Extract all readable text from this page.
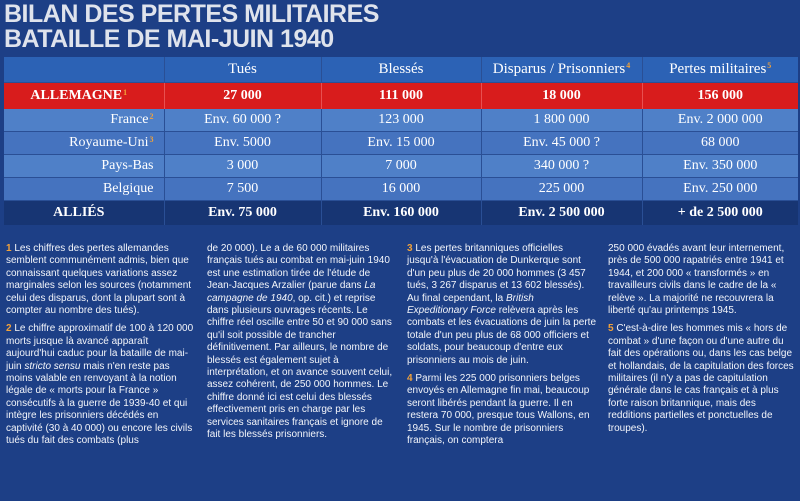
BILAN DES PERTES MILITAIRES
BATAILLE DE MAI-JUIN 1940
	Tués	Blessés	Disparus / Prisonniers$^4$	Pertes militaires$^5$
ALLEMAGNE$^1$	27 000	111 000	18 000	156 000
France$^2$	Env. 60 000 ?	123 000	1 800 000	Env. 2 000 000
Royaume-Uni$^3$	Env. 5000	Env. 15 000	Env. 45 000 ?	68 000
Pays-Bas	3 000	7 000	340 000 ?	Env. 350 000
Belgique	7 500	16 000	225 000	Env. 250 000
ALLIÉS	Env. 75 000	Env. 160 000	Env. 2 500 000	+ de 2 500 000

1 Les chiffres des pertes allemandes semblent communément admis, bien que connaissant quelques variations assez marginales selon les sources (notamment celui des disparus, dont la plupart sont à compter au nombre des tués).

2 Le chiffre approximatif de 100 à 120 000 morts jusque là avancé apparaît aujourd'hui caduc pour la bataille de mai-juin stricto sensu mais n'en reste pas moins valable en renvoyant à la notion légale de « morts pour la France » consécutifs à la guerre de 1939-40 et qui intègre les prisonniers décédés en captivité (30 à 40 000) ou encore les civils tués du fait des combats (plus

de 20 000). Le a de 60 000 militaires français tués au combat en mai-juin 1940 est une estimation tirée de l'étude de Jean-Jacques Arzalier (parue dans La campagne de 1940, op. cit.) et reprise dans plusieurs ouvrages récents. Le chiffre réel oscille entre 50 et 90 000 sans qu'il soit possible de trancher définitivement. Par ailleurs, le nombre de blessés est également sujet à interprétation, et on avance souvent celui, assez cohérent, de 250 000 hommes. Le chiffre donné ici est celui des blessés effectivement pris en charge par les services sanitaires français et ignore de fait les blessés prisonniers.

3 Les pertes britanniques officielles jusqu'à l'évacuation de Dunkerque sont d'un peu plus de 20 000 hommes (3 457 tués, 3 267 disparus et 13 602 blessés). Au final cependant, la British Expeditionary Force relèvera après les combats et les évacuations de juin la perte totale d'un peu plus de 68 000 officiers et soldats, pour beaucoup d'entre eux prisonniers au mois de juin.

4 Parmi les 225 000 prisonniers belges envoyés en Allemagne fin mai, beaucoup seront libérés pendant la guerre. Il en restera 70 000, presque tous Wallons, en 1945. Sur le nombre de prisonniers français, on comptera

250 000 évadés avant leur internement, près de 500 000 rapatriés entre 1941 et 1944, et 200 000 « transformés » en travailleurs civils dans le cadre de la « relève ». La majorité ne recouvrera la liberté qu'au printemps 1945.

5 C'est-à-dire les hommes mis « hors de combat » d'une façon ou d'une autre du fait des opérations ou, dans les cas belge et hollandais, de la capitulation des forces militaires (il n'y a pas de capitulation générale dans le cas français et à plus forte raison britannique, mais des redditions partielles et ponctuelles de troupes).
